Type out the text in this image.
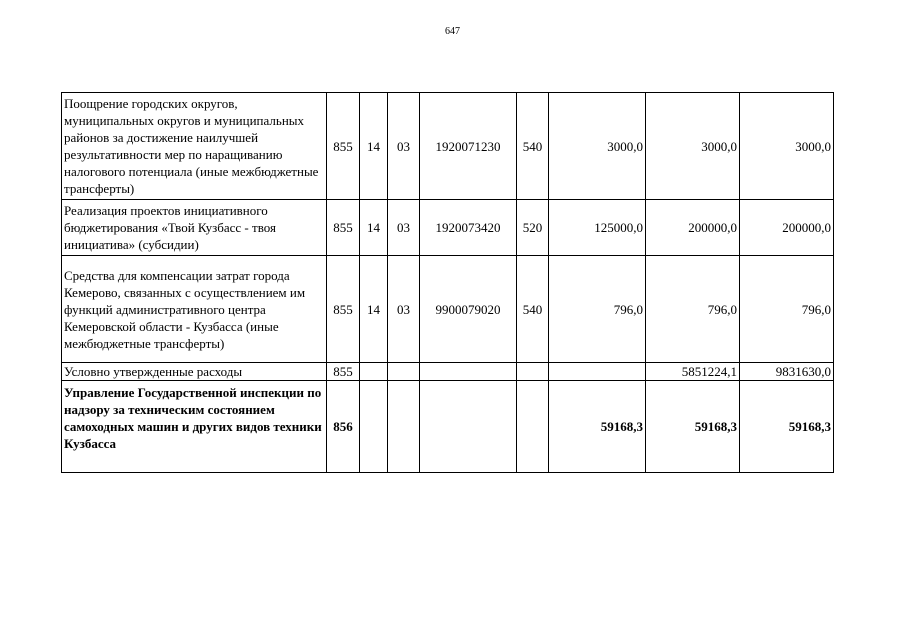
647
Поощрение городских округов, муниципальных округов и муниципальных районов за достижение наилучшей результативности мер по наращиванию налогового потенциала (иные межбюджетные трансферты)	855	14	03	1920071230	540	3000,0	3000,0	3000,0
Реализация проектов инициативного бюджетирования «Твой Кузбасс - твоя инициатива» (субсидии)	855	14	03	1920073420	520	125000,0	200000,0	200000,0
Средства для компенсации затрат города Кемерово, связанных с осуществлением им функций административного центра Кемеровской области - Кузбасса (иные межбюджетные трансферты)	855	14	03	9900079020	540	796,0	796,0	796,0
Условно утвержденные расходы	855						5851224,1	9831630,0
Управление Государственной инспекции по надзору за техническим состоянием самоходных машин и других видов техники Кузбасса	856					59168,3	59168,3	59168,3
